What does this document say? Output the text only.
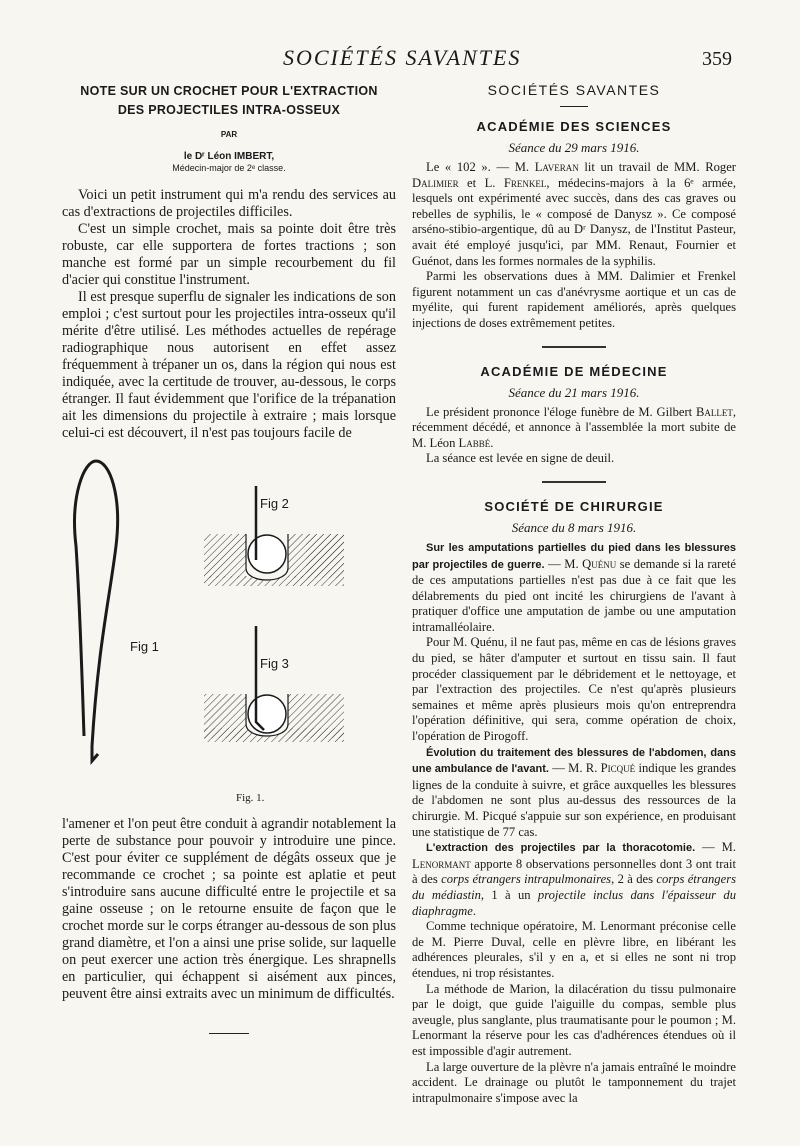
SOCIÉTÉS SAVANTES	359
NOTE SUR UN CROCHET POUR L'EXTRACTION
DES PROJECTILES INTRA-OSSEUX
PAR
le Dʳ Léon IMBERT,
Médecin-major de 2ᵉ classe.

Voici un petit instrument qui m'a rendu des services au cas d'extractions de projectiles difficiles.

C'est un simple crochet, mais sa pointe doit être très robuste, car elle supportera de fortes tractions ; son manche est formé par un simple recourbement du fil d'acier qui constitue l'instrument.

Il est presque superflu de signaler les indications de son emploi ; c'est surtout pour les projectiles intra-osseux qu'il mérite d'être utilisé. Les méthodes actuelles de repérage radiographique nous autorisent en effet assez fréquemment à trépaner un os, dans la région qui nous est indiquée, avec la certitude de trouver, au-dessous, le corps étranger. Il faut évidemment que l'orifice de la trépanation ait les dimensions du projectile à extraire ; mais lorsque celui-ci est découvert, il n'est pas toujours facile de

Fig 1
Fig 2
Fig 3
Fig. 1.

l'amener et l'on peut être conduit à agrandir notablement la perte de substance pour pouvoir y introduire une pince. C'est pour éviter ce supplément de dégâts osseux que je recommande ce crochet ; sa pointe est aplatie et peut s'introduire sans aucune difficulté entre le projectile et sa gaine osseuse ; on le retourne ensuite de façon que le crochet morde sur le corps étranger au-dessous de son plus grand diamètre, et l'on a ainsi une prise solide, sur laquelle on peut exercer une action très énergique. Les shrapnells en particulier, qui échappent si aisément aux pinces, peuvent être ainsi extraits avec un minimum de difficultés.

SOCIÉTÉS SAVANTES
ACADÉMIE DES SCIENCES
Séance du 29 mars 1916.

Le « 102 ». — M. Laveran lit un travail de MM. Roger Dalimier et L. Frenkel, médecins-majors à la 6ᵉ armée, lesquels ont expérimenté avec succès, dans des cas graves ou rebelles de syphilis, le « composé de Danysz ». Ce composé arséno-stibio-argentique, dû au Dʳ Danysz, de l'Institut Pasteur, avait été employé jusqu'ici, par MM. Renaut, Fournier et Guénot, dans les formes normales de la syphilis.

Parmi les observations dues à MM. Dalimier et Frenkel figurent notamment un cas d'anévrysme aortique et un cas de myélite, qui furent rapidement améliorés, après quelques injections de doses extrêmement petites.

ACADÉMIE DE MÉDECINE
Séance du 21 mars 1916.

Le président prononce l'éloge funèbre de M. Gilbert Ballet, récemment décédé, et annonce à l'assemblée la mort subite de M. Léon Labbé.

La séance est levée en signe de deuil.

SOCIÉTÉ DE CHIRURGIE
Séance du 8 mars 1916.

Sur les amputations partielles du pied dans les blessures par projectiles de guerre. — M. Quénu se demande si la rareté de ces amputations partielles n'est pas due à ce fait que les délabrements du pied ont incité les chirurgiens de l'avant à pratiquer d'office une amputation de jambe ou une amputation intramalléolaire.

Pour M. Quénu, il ne faut pas, même en cas de lésions graves du pied, se hâter d'amputer et surtout en tissu sain. Il faut procéder classiquement par le débridement et le nettoyage, et par l'extraction des projectiles. Ce n'est qu'après plusieurs semaines et même après plusieurs mois qu'on entreprendra l'opération définitive, qui sera, comme opération de choix, l'opération de Pirogoff.

Évolution du traitement des blessures de l'abdomen, dans une ambulance de l'avant. — M. R. Picqué indique les grandes lignes de la conduite à suivre, et grâce auxquelles les blessures de l'abdomen ne sont plus au-dessus des ressources de la chirurgie. M. Picqué s'appuie sur son expérience, en produisant une statistique de 77 cas.

L'extraction des projectiles par la thoracotomie. — M. Lenormant apporte 8 observations personnelles dont 3 ont trait à des corps étrangers intrapulmonaires, 2 à des corps étrangers du médiastin, 1 à un projectile inclus dans l'épaisseur du diaphragme.

Comme technique opératoire, M. Lenormant préconise celle de M. Pierre Duval, celle en plèvre libre, en libérant les adhérences pleurales, s'il y en a, et si elles ne sont ni trop étendues, ni trop résistantes.

La méthode de Marion, la dilacération du tissu pulmonaire par le doigt, que guide l'aiguille du compas, semble plus aveugle, plus sanglante, plus traumatisante pour le poumon ; M. Lenormant la réserve pour les cas d'adhérences étendues où il est impossible d'agir autrement.

La large ouverture de la plèvre n'a jamais entraîné le moindre accident. Le drainage ou plutôt le tamponnement du trajet intrapulmonaire s'impose avec la
